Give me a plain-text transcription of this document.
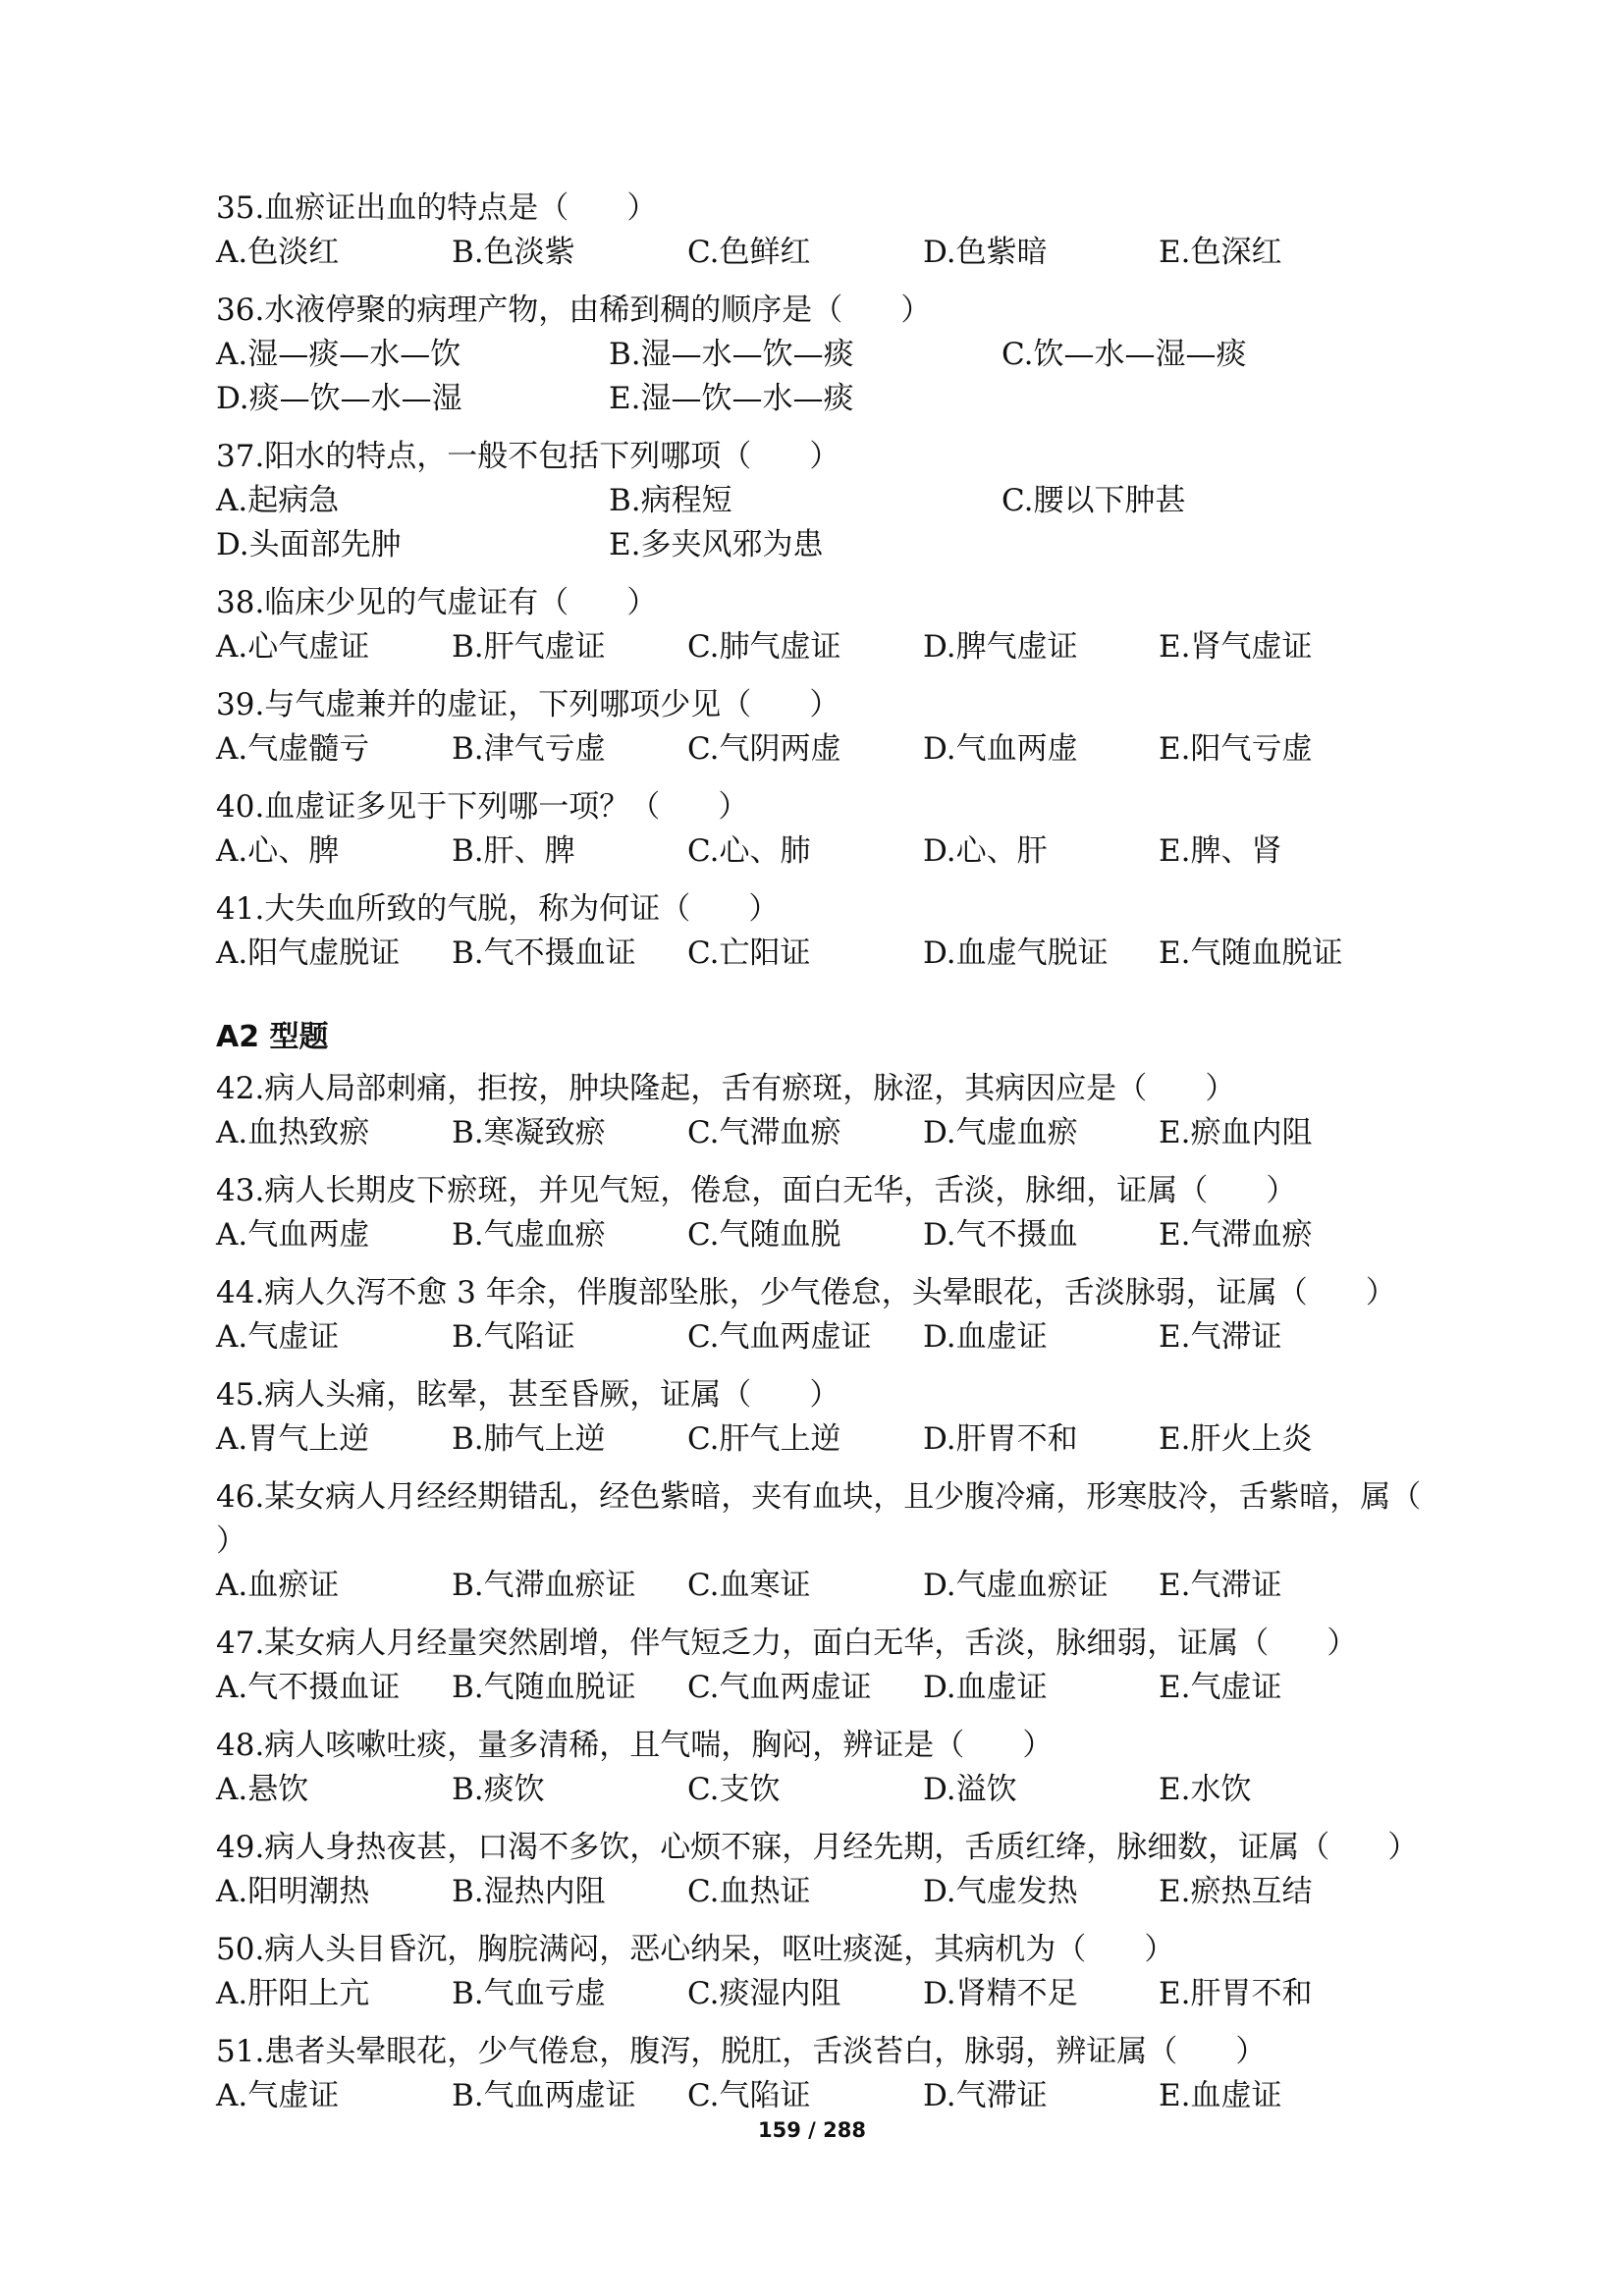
35.血瘀证出血的特点是（      ）
A.色淡红	B.色淡紫	C.色鲜红	D.色紫暗	E.色深红
36.水液停聚的病理产物，由稀到稠的顺序是（      ）
A.湿—痰—水—饮	B.湿—水—饮—痰	C.饮—水—湿—痰
D.痰—饮—水—湿	E.湿—饮—水—痰
37.阳水的特点，一般不包括下列哪项（      ）
A.起病急	B.病程短	C.腰以下肿甚
D.头面部先肿	E.多夹风邪为患
38.临床少见的气虚证有（      ）
A.心气虚证	B.肝气虚证	C.肺气虚证	D.脾气虚证	E.肾气虚证
39.与气虚兼并的虚证，下列哪项少见（      ）
A.气虚髓亏	B.津气亏虚	C.气阴两虚	D.气血两虚	E.阳气亏虚
40.血虚证多见于下列哪一项？（      ）
A.心、脾	B.肝、脾	C.心、肺	D.心、肝	E.脾、肾
41.大失血所致的气脱，称为何证（      ）
A.阳气虚脱证	B.气不摄血证	C.亡阳证	D.血虚气脱证	E.气随血脱证
A2 型题
42.病人局部刺痛，拒按，肿块隆起，舌有瘀斑，脉涩，其病因应是（      ）
A.血热致瘀	B.寒凝致瘀	C.气滞血瘀	D.气虚血瘀	E.瘀血内阻
43.病人长期皮下瘀斑，并见气短，倦怠，面白无华，舌淡，脉细，证属（      ）
A.气血两虚	B.气虚血瘀	C.气随血脱	D.气不摄血	E.气滞血瘀
44.病人久泻不愈 3 年余，伴腹部坠胀，少气倦怠，头晕眼花，舌淡脉弱，证属（      ）
A.气虚证	B.气陷证	C.气血两虚证	D.血虚证	E.气滞证
45.病人头痛，眩晕，甚至昏厥，证属（      ）
A.胃气上逆	B.肺气上逆	C.肝气上逆	D.肝胃不和	E.肝火上炎
46.某女病人月经经期错乱，经色紫暗，夹有血块，且少腹冷痛，形寒肢冷，舌紫暗，属（      ）
A.血瘀证	B.气滞血瘀证	C.血寒证	D.气虚血瘀证	E.气滞证
47.某女病人月经量突然剧增，伴气短乏力，面白无华，舌淡，脉细弱，证属（      ）
A.气不摄血证	B.气随血脱证	C.气血两虚证	D.血虚证	E.气虚证
48.病人咳嗽吐痰，量多清稀，且气喘，胸闷，辨证是（      ）
A.悬饮	B.痰饮	C.支饮	D.溢饮	E.水饮
49.病人身热夜甚，口渴不多饮，心烦不寐，月经先期，舌质红绛，脉细数，证属（      ）
A.阳明潮热	B.湿热内阻	C.血热证	D.气虚发热	E.瘀热互结
50.病人头目昏沉，胸脘满闷，恶心纳呆，呕吐痰涎，其病机为（      ）
A.肝阳上亢	B.气血亏虚	C.痰湿内阻	D.肾精不足	E.肝胃不和
51.患者头晕眼花，少气倦怠，腹泻，脱肛，舌淡苔白，脉弱，辨证属（      ）
A.气虚证	B.气血两虚证	C.气陷证	D.气滞证	E.血虚证
159 / 288
